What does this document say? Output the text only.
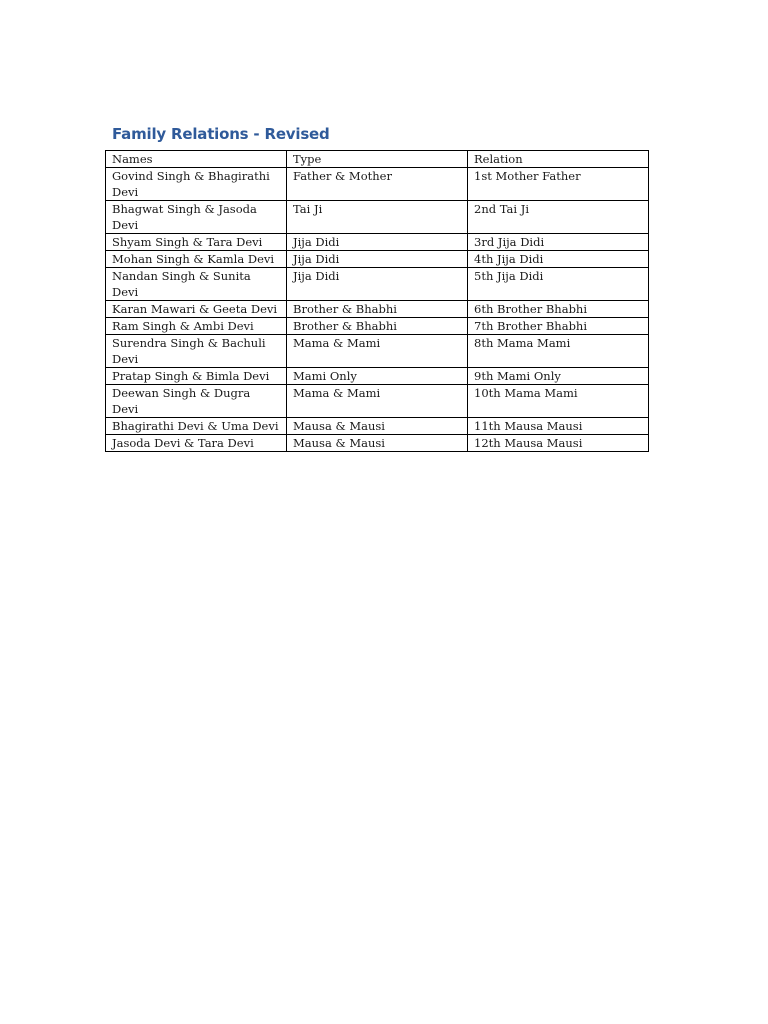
Family Relations - Revised
Names	Type	Relation
Govind Singh & Bhagirathi Devi	Father & Mother	1st Mother Father
Bhagwat Singh & Jasoda Devi	Tai Ji	2nd Tai Ji
Shyam Singh & Tara Devi	Jija Didi	3rd Jija Didi
Mohan Singh & Kamla Devi	Jija Didi	4th Jija Didi
Nandan Singh & Sunita Devi	Jija Didi	5th Jija Didi
Karan Mawari & Geeta Devi	Brother & Bhabhi	6th Brother Bhabhi
Ram Singh & Ambi Devi	Brother & Bhabhi	7th Brother Bhabhi
Surendra Singh & Bachuli Devi	Mama & Mami	8th Mama Mami
Pratap Singh & Bimla Devi	Mami Only	9th Mami Only
Deewan Singh & Dugra Devi	Mama & Mami	10th Mama Mami
Bhagirathi Devi & Uma Devi	Mausa & Mausi	11th Mausa Mausi
Jasoda Devi & Tara Devi	Mausa & Mausi	12th Mausa Mausi
